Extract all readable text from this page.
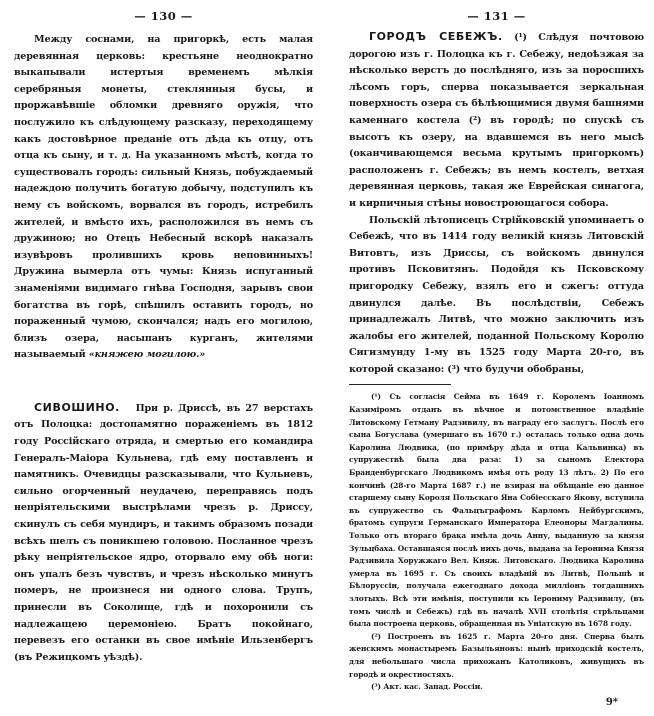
— 130 —

Между соснами, на пригоркѣ, есть малая деревянная церковь: крестьяне неоднократно выкапывали истертыя временемъ мѣлкія серебряныя монеты, стеклянныя бусы, и проржавѣвшіе обломки древняго оружія, что послужило къ слѣдующему разсказу, переходящему какъ достовѣрное преданіе отъ дѣда къ отцу, отъ отца къ сыну, и т. д. На указанномъ мѣстѣ, когда то существовалъ городъ: сильный Князь, побуждаемый надеждою получить богатую добычу, подступилъ къ нему съ войскомъ, ворвался въ городъ, истребилъ жителей, и вмѣсто ихъ, расположился въ немъ съ дружиною; но Отецъ Небесный вскорѣ наказалъ изувѣровъ пролившихъ кровь неповинныхъ! Дружина вымерла отъ чумы: Князь испуганный знаменіями видимаго гнѣва Господня, зарывъ свои богатства въ горѣ, спѣшилъ оставить городъ, но пораженный чумою, скончался; надъ его могилою, близъ озера, насыпанъ курганъ, жителями называемый «княжею могилою.»

СИВОШИНО. При р. Дриссѣ, въ 27 верстахъ отъ Полоцка: достопамятно пораженіемъ въ 1812 году Россійскаго отряда, и смертью его командира Генералъ-Маіора Кульнева, гдѣ ему поставленъ и памятникъ. Очевидцы разсказывали, что Кульневъ, сильно огорченный неудачею, переправясь подъ непріятельскими выстрѣлами чрезъ р. Дриссу, скинулъ съ себя мундиръ, и такимъ образомъ позади всѣхъ шелъ съ поникшею головою. Посланное чрезъ рѣку непріятельское ядро, оторвало ему обѣ ноги: онъ упалъ безъ чувствъ, и чрезъ нѣсколько минутъ померъ, не произнеся ни одного слова. Трупъ, принесли въ Соколище, гдѣ и похоронили съ надлежащею церемоніею. Братъ покойнаго, перевезъ его останки въ свое имѣніе Ильзенбергъ (въ Режицкомъ уѣздѣ).

— 131 —

ГОРОДЪ СЕБЕЖЪ. (¹) Слѣдуя почтовою дорогою изъ г. Полоцка къ г. Себежу, недоѣзжая за нѣсколько верстъ до послѣдняго, изъ за поросшихъ лѣсомъ горъ, сперва показывается зеркальная поверхность озера съ бѣлѣющимися двумя башнями каменнаго костела (²) въ городѣ; по спускѣ съ высотъ къ озеру, на вдавшемся въ него мысѣ (оканчивающемся весьма крутымъ пригоркомъ) расположенъ г. Себежъ; въ немъ костелъ, ветхая деревянная церковь, такая же Еврейская синагога, и кирпичныя стѣны новостроющагося собора.

Польскій лѣтописецъ Стрійковскій упоминаетъ о Себежѣ, что въ 1414 году великій князь Литовскій Витовтъ, изъ Дриссы, съ войскомъ двинулся противъ Псковитянъ. Подойдя къ Псковскому пригородку Себежу, взялъ его и сжегъ: оттуда двинулся далѣе. Въ послѣдствіи, Себежъ принадлежалъ Литвѣ, что можно заключить изъ жалобы его жителей, поданной Польскому Королю Сигизмунду 1-му въ 1525 году Марта 20-го, въ которой сказано: (³) что будучи обобраны,

(¹) Съ согласія Сейма въ 1649 г. Королемъ Іоанномъ Казиміромъ отданъ въ вѣчное и потомственное владѣніе Литовскому Гетману Радзивилу, въ награду его заслугъ. Послѣ его сына Богуслава (умершаго въ 1670 г.) осталась только одна дочь Каролина Людвика, (по примѣру дѣда и отца Кальвинка) въ супружествѣ была два раза: 1) за сыномъ Електора Бранденбургскаго Людвикомъ имѣя отъ роду 13 лѣтъ. 2) По его кончинѣ (28-го Марта 1687 г.) не взирая на обѣщаніе ею данное старшему сыну Короля Польскаго Яна Собіесскаго Якову, вступила въ супружество съ Фальцъграфомъ Карломъ Нейбургскимъ, братомъ супруги Германскаго Императора Елеоноры Магдалины. Только отъ втораго брака имѣла дочь Анну, выданную за князя Зульцбаха. Оставшаяся послѣ нихъ дочь, выдана за Іеронима Князя Радзивила Хоружжаго Вел. Княж. Литовскаго. Людвика Каролина умерла въ 1695 г. Съ своихъ владѣній въ Литвѣ, Польшѣ и Бѣлоруссіи, получала ежегоднаго дохода милліонъ тогдашнихъ злотыхъ. Всѣ эти имѣнія, поступили къ Іерониму Радзивилу, (въ томъ числѣ и Себежъ) гдѣ въ началѣ XVII столѣтія стрѣльцами была построена церковь, обращенная въ Уніатскую въ 1678 году.

(²) Построенъ въ 1625 г. Марта 20-го дня. Сперва былъ женскимъ монастыремъ Базыльяновъ: нынѣ приходскій костелъ, для небольшаго числа прихожанъ Католиковъ, живущихъ въ городѣ и окрестностяхъ.

(³) Акт. кас. Запад. Россіи.

9*
